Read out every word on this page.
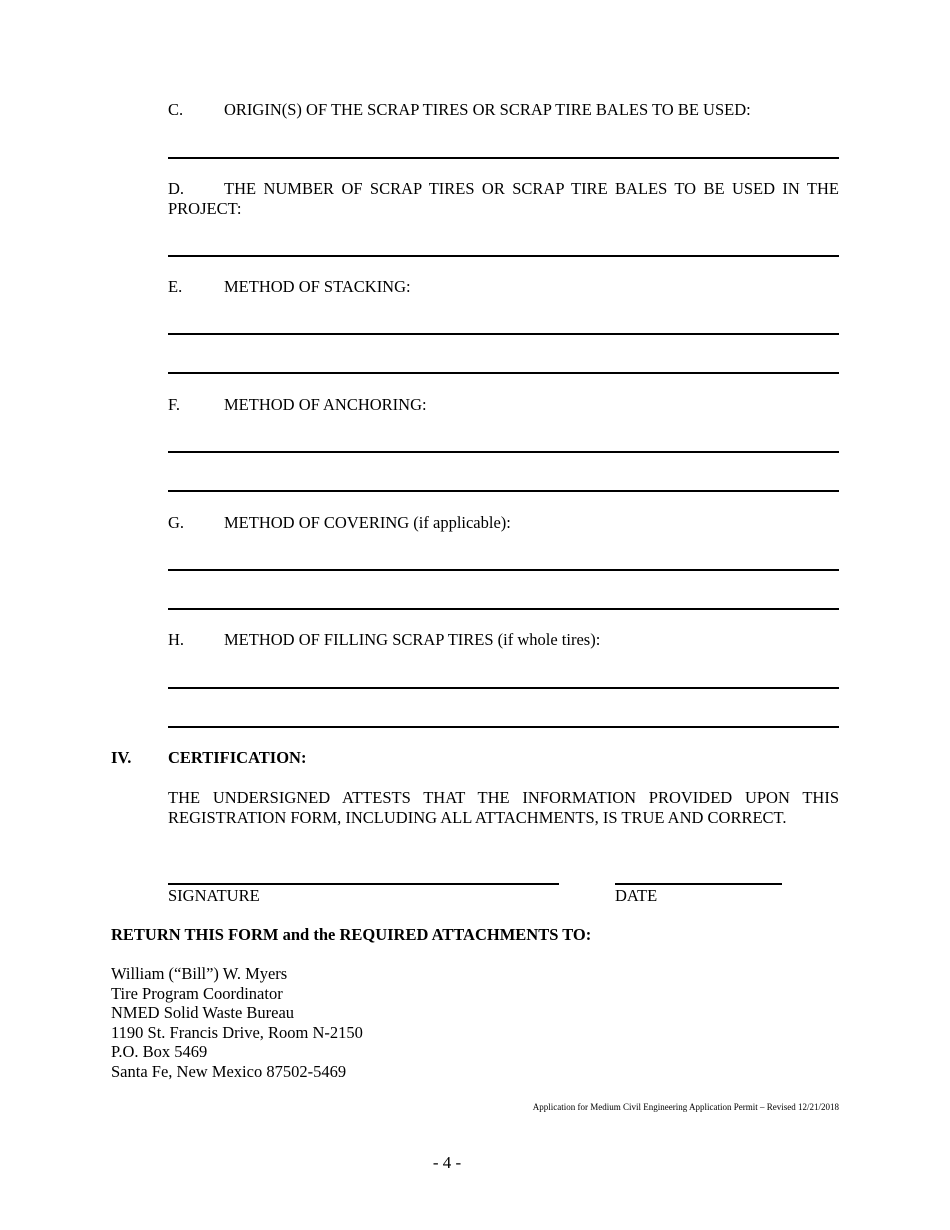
C. ORIGIN(S) OF THE SCRAP TIRES OR SCRAP TIRE BALES TO BE USED:
D. THE NUMBER OF SCRAP TIRES OR SCRAP TIRE BALES TO BE USED IN THE
PROJECT:
E.	METHOD OF STACKING:
F.	METHOD OF ANCHORING:
G. METHOD OF COVERING (if applicable):
H. METHOD OF FILLING SCRAP TIRES (if whole tires):
IV. CERTIFICATION:
THE UNDERSIGNED ATTESTS THAT THE INFORMATION PROVIDED UPON THIS
REGISTRATION FORM, INCLUDING ALL ATTACHMENTS, IS TRUE AND CORRECT.
SIGNATURE	DATE
RETURN THIS FORM and the REQUIRED ATTACHMENTS TO:
William (“Bill”) W. Myers
Tire Program Coordinator
NMED Solid Waste Bureau
1190 St. Francis Drive, Room N-2150
P.O. Box 5469
Santa Fe, New Mexico 87502-5469
Application for Medium Civil Engineering Application Permit – Revised 12/21/2018
- 4 -
